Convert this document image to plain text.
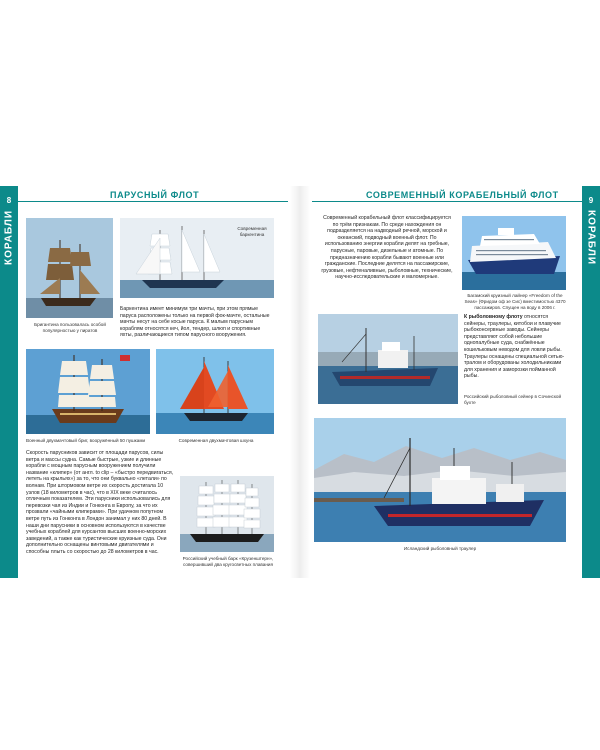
8	9
КОРАБЛИ	КОРАБЛИ
ПАРУСНЫЙ ФЛОТ	СОВРЕМЕННЫЙ КОРАБЕЛЬНЫЙ ФЛОТ
Бригантина пользовалась особой популярностью у пиратов
Современная баркентина
Баркентина имеет минимум три мачты, при этом прямые паруса расположены только на первой фок-мачте, остальные мачты несут на себе косые паруса. К малым парусным кораблям относятся кеч, йол, тендер, шлюп и спортивные яхты, различающиеся типом парусного вооружения.
Военный двухмачтовый бриг, вооружённый 50 пушками	Современная двухмачтовая шхуна
Скорость парусников зависит от площади парусов, силы ветра и массы судна. Самые быстрые, узкие и длинные корабли с мощным парусным вооружением получили название «клипер» (от англ. to clip – «быстро передвигаться, лететь на крыльях») за то, что они буквально «летали» по волнам. При штормовом ветре их скорость достигала 10 узлов (18 километров в час), что в XIX веке считалось отличным показателем. Эти парусники использовались для перевозки чая из Индии и Гонконга в Европу, за что их прозвали «чайными клиперами». При удачном попутном ветре путь из Гонконга в Лондон занимал у них 80 дней. В наши дни парусники в основном используются в качестве учебных кораблей для курсантов высших военно-морских заведений, а также как туристические круизные суда. Они дополнительно оснащены винтовыми двигателями и способны плыть со скоростью до 28 километров в час.
Российский учебный барк «Крузенштерн», совершивший два кругосветных плавания
Современный корабельный флот классифицируется по трём признакам. По среде нахождения он подразделяется на надводный речной, морской и океанский, подводный военный флот. По использованию энергии корабли делят на гребные, парусные, паровые, дизельные и атомные. По предназначению корабли бывают военные или гражданские. Последние делятся на пассажирские, грузовые, нефтеналивные, рыболовные, технические, научно-исследовательские и маломерные.
Багамский круизный лайнер «Freedom of the Seas» (Фридом оф зе Сис) вместимостью 4370 пассажиров. Спущен на воду в 2006 г.
К рыболовному флоту относятся сейнеры, траулеры, китобои и плавучие рыбоконсервные заводы. Сейнеры представляют собой небольшие однопалубные суда, снабжённые кошельковым неводом для ловли рыбы. Траулеры оснащены специальной сетью-тралом и оборудованы холодильниками для хранения и заморозки пойманной рыбы.
Российский рыболовный сейнер в Сочинской бухте
Исландский рыболовный траулер
